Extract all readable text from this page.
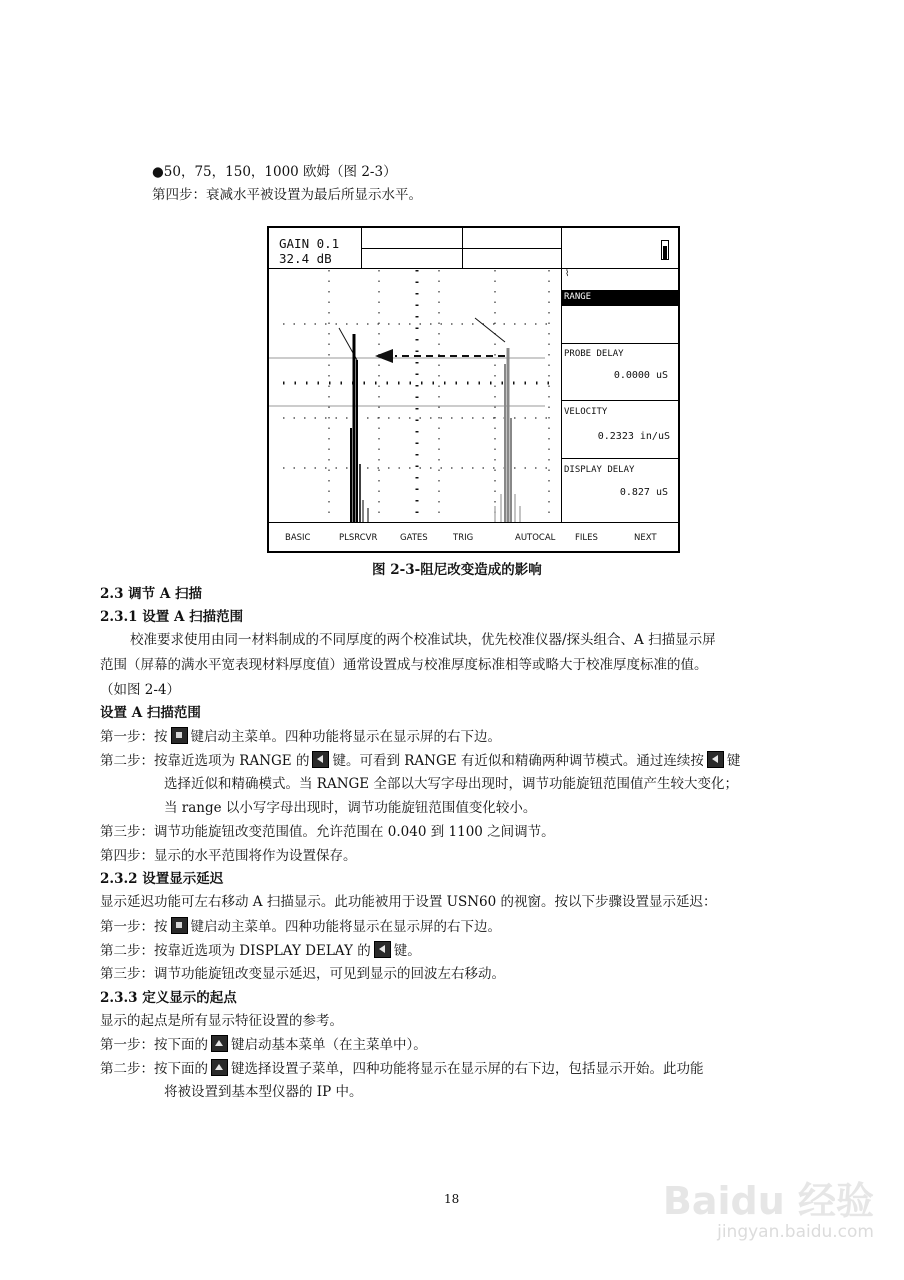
●50，75，150，1000 欧姆（图 2-3）
第四步：衰减水平被设置为最后所显示水平。
GAIN 0.1
32.4 dB
⌇
RANGE
PROBE DELAY
0.0000 uS
VELOCITY
0.2323 in/uS
DISPLAY DELAY
0.827 uS
BASIC	PLSRCVR	GATES	TRIG	AUTOCAL FILES	NEXT
图 2-3-阻尼改变造成的影响
2.3 调节 A 扫描
2.3.1 设置 A 扫描范围
校准要求使用由同一材料制成的不同厚度的两个校准试块，优先校准仪器/探头组合、A 扫描显示屏
范围（屏幕的满水平宽表现材料厚度值）通常设置成与校准厚度标准相等或略大于校准厚度标准的值。
（如图 2-4）
设置 A 扫描范围
第一步：按 键启动主菜单。四种功能将显示在显示屏的右下边。
第二步：按靠近选项为 RANGE 的 键。可看到 RANGE 有近似和精确两种调节模式。通过连续按 键
选择近似和精确模式。当 RANGE 全部以大写字母出现时，调节功能旋钮范围值产生较大变化；
当 range 以小写字母出现时，调节功能旋钮范围值变化较小。
第三步：调节功能旋钮改变范围值。允许范围在 0.040 到 1100 之间调节。
第四步：显示的水平范围将作为设置保存。
2.3.2 设置显示延迟
显示延迟功能可左右移动 A 扫描显示。此功能被用于设置 USN60 的视窗。按以下步骤设置显示延迟：
第一步：按 键启动主菜单。四种功能将显示在显示屏的右下边。
第二步：按靠近选项为 DISPLAY DELAY 的 键。
第三步：调节功能旋钮改变显示延迟，可见到显示的回波左右移动。
2.3.3 定义显示的起点
显示的起点是所有显示特征设置的参考。
第一步：按下面的 键启动基本菜单（在主菜单中）。
第二步：按下面的 键选择设置子菜单，四种功能将显示在显示屏的右下边，包括显示开始。此功能
将被设置到基本型仪器的 IP 中。
18	Baidu 经验
jingyan.baidu.com
